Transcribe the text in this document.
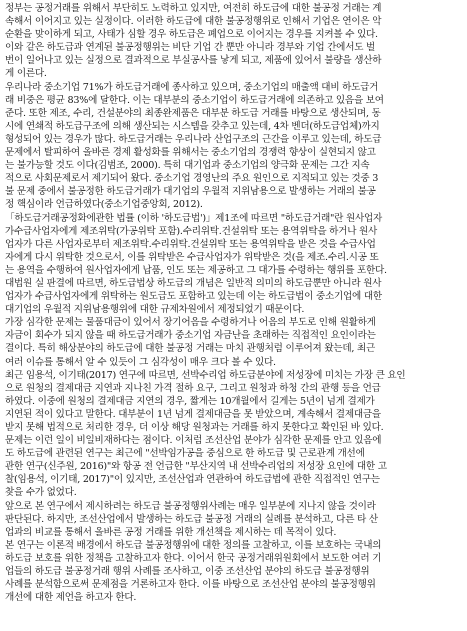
정부는 공정거래를 위해서 부단히도 노력하고 있지만, 여전히 하도급에 대한 불공정 거래는 계
속해서 이어지고 있는 실정이다. 이러한 하도급에 대한 불공정행위로 인해서 기업은 연이은 악
순환을 맞이하게 되고, 사태가 심할 경우 하도급은 폐업으로 이어지는 경우를 지켜볼 수 있다.
이와 같은 하도급과 연계된 불공정행위는 비단 기업 간 뿐만 아니라 경부와 기업 간에서도 벌
번이 일어나고 있는 실정으로 결과적으로 부실공사를 낳게 되고, 제품에 있어서 불량을 생산하
게 이른다.
우리나라 중소기업 71%가 하도급거래에 종사하고 있으며, 중소기업의 매출액 대비 하도급거
래 비중은 평균 83%에 달한다. 이는 대부분의 중소기업이 하도급거래에 의존하고 있음을 보여
준다. 또한 제조, 수리, 건설분야의 최종완제품은 대부분 하도급 거래를 바탕으로 생산되며, 동
시에 연쇄적 하도급구조에 의해 생산되는 시스템을 갖추고 있는데, 4차 벤더(하도급업체)까지
형성되어 있는 경우가 많다. 하도급거래는 우리나라 산업구조의 근간을 이루고 있는데, 하도급
문제에서 탈피하여 올바른 경제 활성화를 위해서는 중소기업의 경쟁력 향상이 실현되지 않고
는 불가능할 것도 이다(김범조, 2000). 특히 대기업과 중소기업의 양극화 문제는 그간 지속
적으로 사회문제로서 제기되어 왔다. 중소기업 경영난의 주요 원인으로 지적되고 있는 것중 3
불 문제 중에서 불공정한 하도급거래가 대기업의 우월적 지위남용으로 발생하는 거래의 불공
정 핵심이라 언급하였다(중소기업중앙회, 2012).
「하도급거래공정화에관한 법률 (이하 '하도급법')」제1조에 따르면 "하도급거래"란 원사업자
가수급사업자에게 제조위탁(가공위탁 포함).수리위탁.건설위탁 또는 용역위탁을 하거나 원사
업자가 다른 사업자로부터 제조위탁.수리위탁.건설위탁 또는 용역위탁을 받은 것을 수급사업
자에게 다시 위탁한 것으로서, 이를 위탁받은 수급사업자가 위탁받은 것(을 제조.수리.시공 또
는 용역을 수행하여 원사업자에게 납품, 인도 또는 제공하고 그 대가를 수령하는 행위를 포한다.
대법원 실 판결에 따르면, 하도급법상 하도급의 개념은 일반적 의미의 하도급뿐만 아니라 원사
업자가 수급사업자에게 위탁하는 원도급도 포함하고 있는데 이는 하도급법이 중소기업에 대한
대기업의 우월적 지위남용행위에 대한 규제차원에서 제정되었기 때문이다.
가장 심각한 문제는 물품대금이 있어서 장기어음을 수령하거나 어음의 부도로 인해 원활하게
자금이 회수가 되지 않을 때 하도급거래가 중소기업 자금난을 초래하는 직접적인 요인이라는
결이다. 특히 해상분야의 하도급에 대한 불공정 거래는 마치 관행처럼 이루어져 왔는데, 최근
여러 이슈를 통해서 알 수 있듯이 그 심각성이 매우 크다 볼 수 있다.
최근 임용석, 이기태(2017) 연구에 따르면, 선박수리업 하도급분야에 저성장에 미치는 가장 큰 요인
으로 원청의 결제대금 지연과 지나친 가격 절하 요구, 그리고 원청과 하청 간의 관행 등을 언급
하였다. 이중에 원청의 결제대금 지연의 경우, 짧게는 10개월에서 길게는 5년이 넘게 결제가
지연된 적이 있다고 말한다. 대부분이 1년 넘게 결제대금을 못 받았으며, 계속해서 결제대금을
받지 못해 법적으로 처리한 경우, 더 이상 해당 원청과는 거래를 하지 못한다고 확인된 바 있다.
문제는 이런 일이 비일비재하다는 점이다. 이처럼 조선산업 분야가 심각한 문제를 안고 있음에
도 하도급에 관련된 연구는 최근에 "선박임가공을 중심으로 한 하도급 및 근로관계 개선에
관한 연구(신주원, 2016)"와 항공 전 언급한 "부산지역 내 선박수리업의 저성장 요인에 대한 고
찰(임용석, 이기태, 2017)"이 있지만, 조선산업과 연관하여 하도급법에 관한 직접적인 연구는
찾을 수가 없었다.
앞으로 본 연구에서 제시하려는 하도급 불공정행위사례는 매우 일부분에 지나지 않을 것이라
판단된다. 하지만, 조선산업에서 발생하는 하도급 불공정 거래의 실례를 분석하고, 다른 타 산
업과의 비교를 통해서 올바른 공정 거래를 위한 개선책을 제시하는 데 목적이 있다.
본 연구는 이론적 배경에서 하도급 불공정행위에 대한 정의를 고찰하고, 이를 보호하는 국내의
하도급 보호를 위한 정책을 고찰하고자 한다. 이어서 한국 공정거래위원회에서 보도한 여러 기
업들의 하도급 불공정거래 행위 사례를 조사하고, 이중 조선산업 분야의 하도급 불공정행위
사례를 분석함으로써 문제점을 거론하고자 한다. 이를 바탕으로 조선산업 분야의 불공정행위
개선에 대한 제언을 하고자 한다.
